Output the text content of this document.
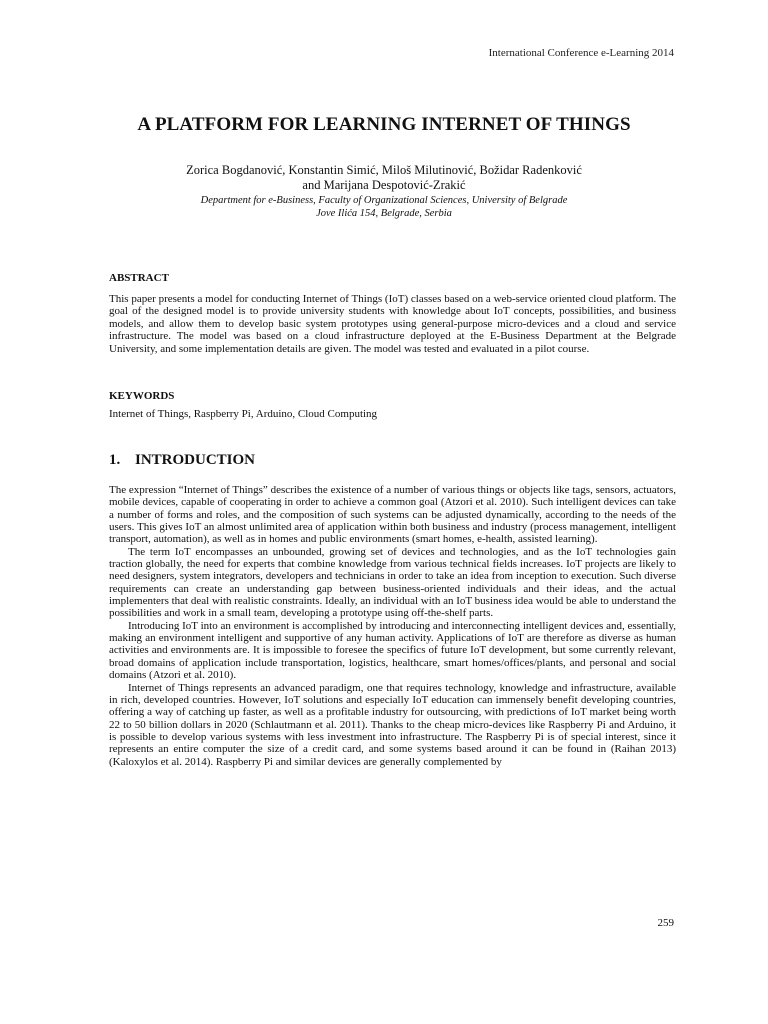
International Conference e-Learning 2014
A PLATFORM FOR LEARNING INTERNET OF THINGS
Zorica Bogdanović, Konstantin Simić, Miloš Milutinović, Božidar Radenković
and Marijana Despotović-Zrakić
Department for e-Business, Faculty of Organizational Sciences, University of Belgrade
Jove Ilića 154, Belgrade, Serbia
ABSTRACT
This paper presents a model for conducting Internet of Things (IoT) classes based on a web-service oriented cloud platform. The goal of the designed model is to provide university students with knowledge about IoT concepts, possibilities, and business models, and allow them to develop basic system prototypes using general-purpose micro-devices and a cloud and service infrastructure. The model was based on a cloud infrastructure deployed at the E-Business Department at the Belgrade University, and some implementation details are given. The model was tested and evaluated in a pilot course.
KEYWORDS
Internet of Things, Raspberry Pi, Arduino, Cloud Computing
1. INTRODUCTION

The expression “Internet of Things” describes the existence of a number of various things or objects like tags, sensors, actuators, mobile devices, capable of cooperating in order to achieve a common goal (Atzori et al. 2010). Such intelligent devices can take a number of forms and roles, and the composition of such systems can be adjusted dynamically, according to the needs of the users. This gives IoT an almost unlimited area of application within both business and industry (process management, intelligent transport, automation), as well as in homes and public environments (smart homes, e-health, assisted learning).

The term IoT encompasses an unbounded, growing set of devices and technologies, and as the IoT technologies gain traction globally, the need for experts that combine knowledge from various technical fields increases. IoT projects are likely to need designers, system integrators, developers and technicians in order to take an idea from inception to execution. Such diverse requirements can create an understanding gap between business-oriented individuals and their ideas, and the actual implementers that deal with realistic constraints. Ideally, an individual with an IoT business idea would be able to understand the possibilities and work in a small team, developing a prototype using off-the-shelf parts.

Introducing IoT into an environment is accomplished by introducing and interconnecting intelligent devices and, essentially, making an environment intelligent and supportive of any human activity. Applications of IoT are therefore as diverse as human activities and environments are. It is impossible to foresee the specifics of future IoT development, but some currently relevant, broad domains of application include transportation, logistics, healthcare, smart homes/offices/plants, and personal and social domains (Atzori et al. 2010).

Internet of Things represents an advanced paradigm, one that requires technology, knowledge and infrastructure, available in rich, developed countries. However, IoT solutions and especially IoT education can immensely benefit developing countries, offering a way of catching up faster, as well as a profitable industry for outsourcing, with predictions of IoT market being worth 22 to 50 billion dollars in 2020 (Schlautmann et al. 2011). Thanks to the cheap micro-devices like Raspberry Pi and Arduino, it is possible to develop various systems with less investment into infrastructure. The Raspberry Pi is of special interest, since it represents an entire computer the size of a credit card, and some systems based around it can be found in (Raihan 2013)(Kaloxylos et al. 2014). Raspberry Pi and similar devices are generally complemented by

259
